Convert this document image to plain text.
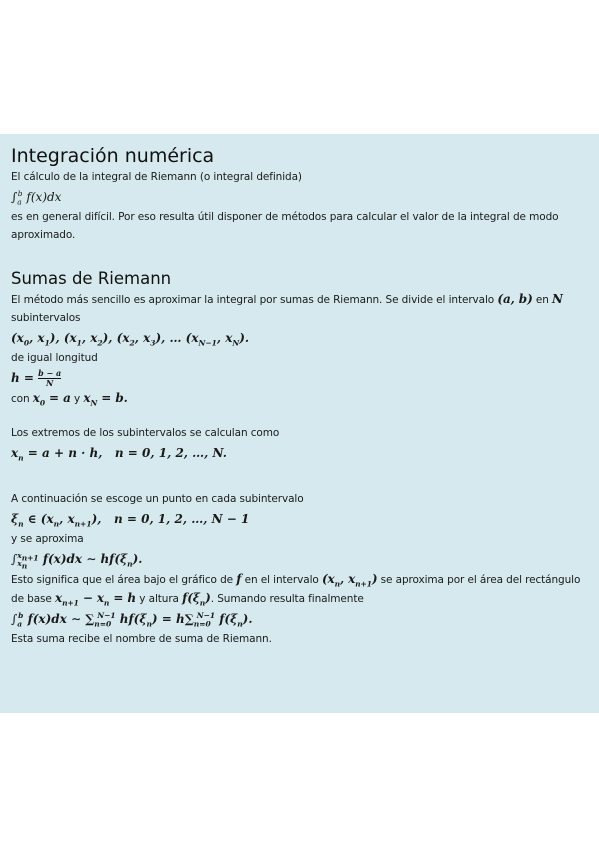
Integración numérica

El cálculo de la integral de Riemann (o integral definida)

$\int_a^b$ f(x)dx

es en general difícil. Por eso resulta útil disponer de métodos para calcular el valor de la integral de modo aproximado.

Sumas de Riemann

El método más sencillo es aproximar la integral por sumas de Riemann. Se divide el intervalo (a, b) en N
subintervalos

($x_0$, $x_1$), ($x_1$, $x_2$), ($x_2$, $x_3$), … ($x_{N-1}$, $x_N$).

de igual longitud

$h = \frac{b - a}{N}$

con $x_0 = a$ y $x_N = b$.

Los extremos de los subintervalos se calculan como

$x_n = a + n \cdot h$,   n = 0, 1, 2, …, N.

A continuación se escoge un punto en cada subintervalo

$\xi_n$ ∈ ($x_n$, $x_{n+1}$),   n = 0, 1, 2, …, N − 1

y se aproxima

$\int_{x_n}^{x_{n+1}}$ f(x)dx ∼ $hf(\xi_n)$.

Esto significa que el área bajo el gráfico de f en el intervalo ($x_n$, $x_{n+1}$) se aproxima por el área del rectángulo de base $x_{n+1} - x_n = h$ y altura $f(\xi_n)$. Sumando resulta finalmente

$\int_a^b$ f(x)dx ∼ $\sum_{n=0}^{N-1}$ $hf(\xi_n) = h\sum_{n=0}^{N-1}$ $f(\xi_n)$.

Esta suma recibe el nombre de suma de Riemann.
